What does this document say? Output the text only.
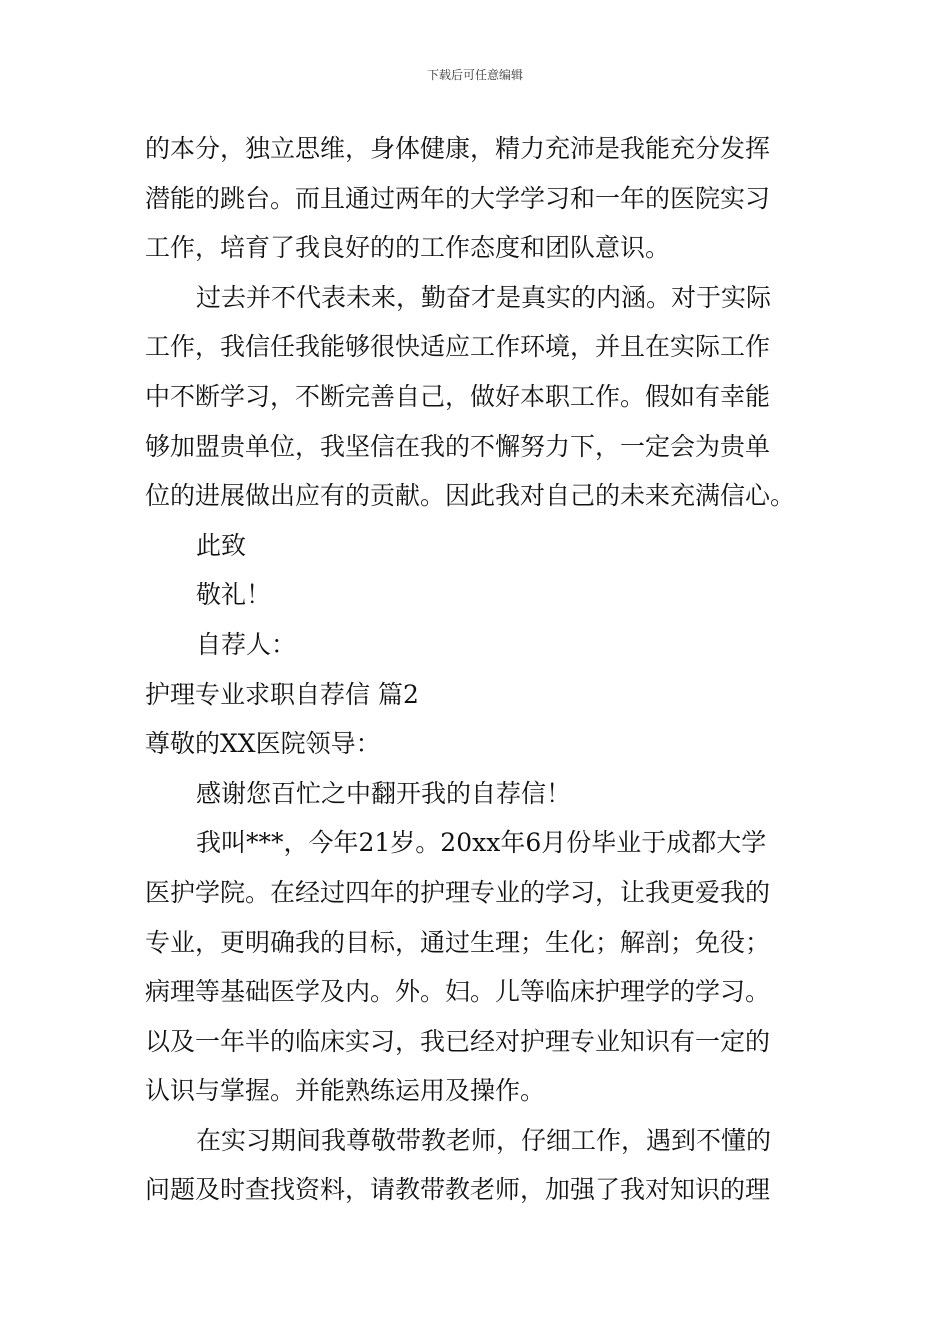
下载后可任意编辑
的本分，独立思维，身体健康，精力充沛是我能充分发挥
潜能的跳台。而且通过两年的大学学习和一年的医院实习
工作，培育了我良好的的工作态度和团队意识。
过去并不代表未来，勤奋才是真实的内涵。对于实际
工作，我信任我能够很快适应工作环境，并且在实际工作
中不断学习，不断完善自己，做好本职工作。假如有幸能
够加盟贵单位，我坚信在我的不懈努力下，一定会为贵单
位的进展做出应有的贡献。因此我对自己的未来充满信心。
此致
敬礼！
自荐人：
护理专业求职自荐信 篇2
尊敬的XX医院领导：
感谢您百忙之中翻开我的自荐信！
我叫***，今年21岁。20xx年6月份毕业于成都大学
医护学院。在经过四年的护理专业的学习，让我更爱我的
专业，更明确我的目标，通过生理；生化；解剖；免役；
病理等基础医学及内。外。妇。儿等临床护理学的学习。
以及一年半的临床实习，我已经对护理专业知识有一定的
认识与掌握。并能熟练运用及操作。
在实习期间我尊敬带教老师，仔细工作，遇到不懂的
问题及时查找资料，请教带教老师，加强了我对知识的理
